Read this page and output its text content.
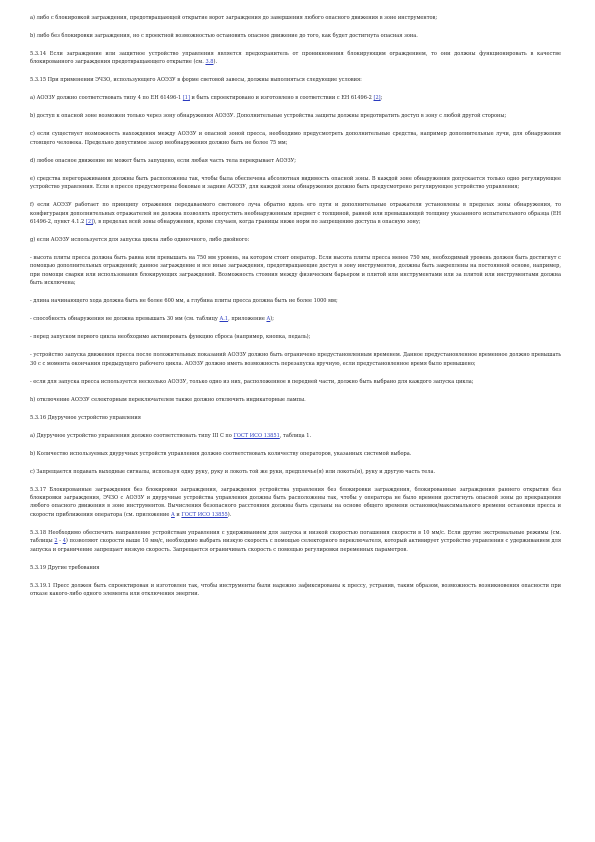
а) либо с блокировкой заграждения, предотвращающей открытие ворот заграждения до завершения любого опасного движения в зоне инструментов;

b) либо без блокировки заграждения, но с проектной возможностью остановить опасное движение до того, как будет достигнута опасная зона.

5.3.14 Если заграждение или защитное устройство управления является предохранитель от проникновения блокирующим ограждением, то они должны функционировать в качестве блокированного заграждения предотвращающего открытие (см. 3.8).

5.3.15 При применении ЭЧЗО, использующего АОЭЗУ в форме световой завесы, должны выполняться следующие условия:

а) АОЭЗУ должно соответствовать типу 4 по ЕН 61496-1 [1] и быть спроектировано и изготовлено в соответствии с ЕН 61496-2 [2];

b) доступ к опасной зоне возможен только через зону обнаружения АОЭЗУ. Дополнительные устройства защиты должны предотвратить доступ в зону с любой другой стороны;

с) если существует возможность нахождения между АОЭЗУ и опасной зоной пресса, необходимо предусмотреть дополнительные средства, например дополнительные лучи, для обнаружения стоящего человека. Предельно допустимое зазор необнаружения должно быть не более 75 мм;

d) любое опасное движение не может быть запущено, если любая часть тела перекрывает АОЭЗУ;

е) средства перегораживания должны быть расположены так, чтобы была обеспечена абсолютная видимость опасной зоны. В каждой зоне обнаружения допускается только одно регулирующее устройство управления. Если в прессе предусмотрены боковые и задние АОЭЗУ, для каждой зоны обнаружения должно быть предусмотрено регулирующее устройство управления;

f) если АОЭЗУ работает по принципу отражения передаваемого светового луча обратно вдоль его пути и дополнительные отражатели установлены в пределах зоны обнаружения, то конфигурация дополнительных отражателей не должна позволять пропустить необнаруженным предмет с толщиной, равной или превышающей толщину указанного испытательного образца (ЕН 61496-2, пункт 4.1.2 [2]), в пределах всей зоны обнаружения, кроме случаев, когда границы ниже норм по запрещению доступа в опасную зону;

g) если АОЭЗУ используется для запуска цикла либо одиночного, либо двойного:

- высота плиты пресса должна быть равна или превышать на 750 мм уровень, на котором стоит оператор. Если высота плиты пресса менее 750 мм, необходимый уровень должен быть достигнут с помощью дополнительных ограждений; данное заграждение и все иные заграждения, предотвращающие доступ в зону инструментов, должны быть закреплены на постоянной основе, например, при помощи сварки или использования блокирующих заграждений. Возможность стояния между физическим барьером и плитой или инструментами или за плитой или инструментами должна быть исключена;

- длина начинающего хода должна быть не более 600 мм, а глубина плиты пресса должна быть не более 1000 мм;

- способность обнаружения не должна превышать 30 мм (см. таблицу А.1, приложение А);

- перед запуском первого цикла необходимо активировать функцию сброса (например, кнопка, педаль);

- устройство запуска движения пресса после положительных показаний АОЭЗУ должно быть ограничено предустановленным временем. Данное предустановленное временное должно превышать 30 с с момента окончания предыдущего рабочего цикла. АОЭЗУ должно иметь возможность перезапуска вручную, если предустановленное время было превышено;

- если для запуска пресса используется несколько АОЭЗУ, только одно из них, расположенное в передней части, должно быть выбрано для каждого запуска цикла;

h) отключение АОЭЗУ селекторным переключателем также должно отключить индикаторные лампы.

5.3.16 Двуручное устройство управления

а) Двуручное устройство управления должно соответствовать типу III С по ГОСТ ИСО 13851, таблица 1.

b) Количество используемых двуручных устройств управления должно соответствовать количеству операторов, указанных системой выбора.

с) Запрещается подавать выходные сигналы, используя одну руку, руку и локоть той же руки, предплечье(я) или локоть(и), руку и другую часть тела.

5.3.17 Блокированные заграждения без блокировки заграждения, заграждения устройства управления без блокировки заграждения, блокированные заграждения раннего открытия без блокировки заграждения, ЭЧЗО с АОЭЗУ и двуручные устройства управления должны быть расположены так, чтобы у оператора не было времени достигнуть опасной зоны до прекращения любого опасного движения в зоне инструментов. Вычисления безопасного расстояния должны быть сделаны на основе общего времени остановки/максимального времени остановки пресса и скорости приближения оператора (см. приложение А и ГОСТ ИСО 13855).

5.3.18 Необходимо обеспечить направление устройствам управления с удерживанием для запуска и низкой скоростью погашения скорости в 10 мм/с. Если другие экстремальные режимы (см. таблицы 2 - 4) позволяют скорости выше 10 мм/с, необходимо выбрать низкую скорость с помощью селекторного переключателя, который активирует устройство управления с удерживанием для запуска и ограничение запрещает низкую скорость. Запрещается ограничивать скорость с помощью регулировки переменных параметров.

5.3.19 Другие требования

5.3.19.1 Пресс должен быть спроектирован и изготовлен так, чтобы инструменты были надежно зафиксированы к прессу, устранив, таким образом, возможность возникновения опасности при отказе какого-либо одного элемента или отключения энергии.
